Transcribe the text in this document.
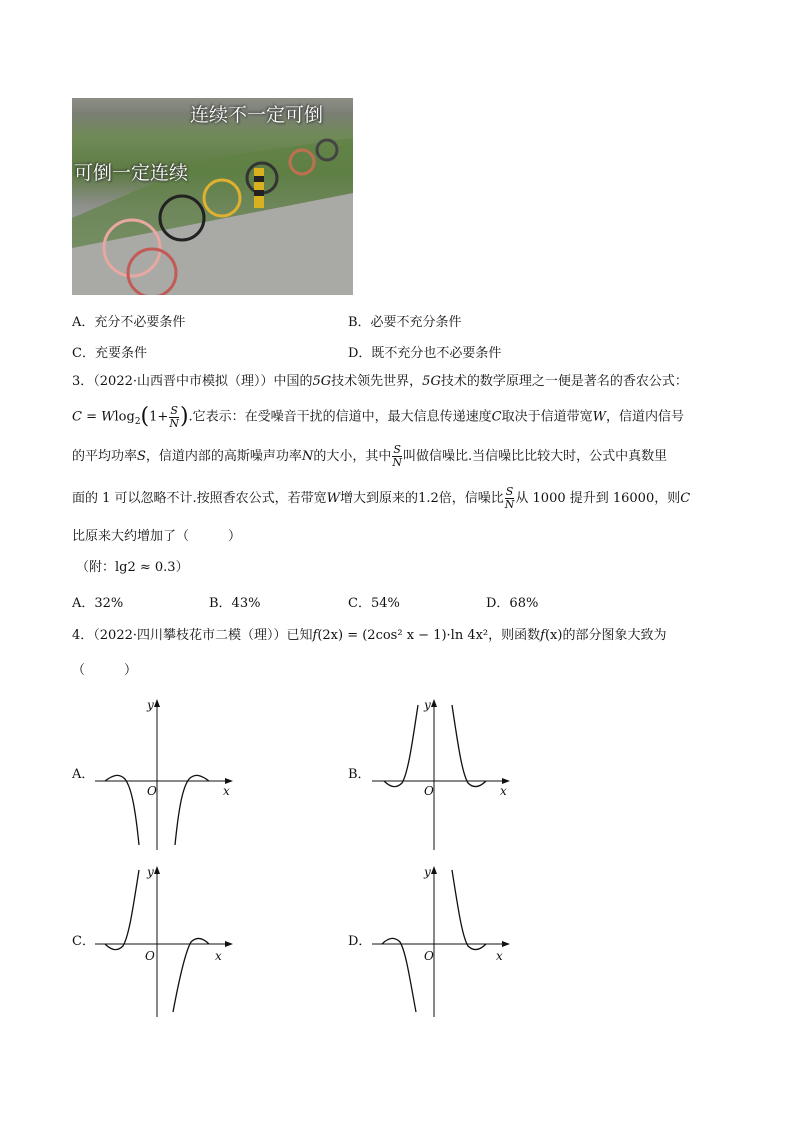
连续不一定可倒
可倒一定连续
A．充分不必要条件	B．必要不充分条件
C．充要条件	D．既不充分也不必要条件
3．（2022·山西晋中市模拟（理））中国的5G技术领先世界，5G技术的数学原理之一便是著名的香农公式：
$C = Wlog_2(1+ \frac{S}{N}$ ).它表示：在受噪音干扰的信道中，最大信息传递速度C取决于信道带宽W，信道内信号
的平均功率S，信道内部的高斯噪声功率N的大小，其中 $\frac{S}{N}$ 叫做信噪比.当信噪比比较大时，公式中真数里
面的 1 可以忽略不计.按照香农公式，若带宽W增大到原来的1.2倍，信噪比 $\frac{S}{N}$ 从 1000 提升到 16000，则C
比原来大约增加了（　　　）
（附：lg2 ≈ 0.3）
A．32%	B．43%	C．54%	D．68%
4．（2022·四川攀枝花市二模（理））已知f(2x) = (2cos² x − 1)·ln 4x²，则函数f(x)的部分图象大致为
（　　　）
A．	B．
C．	D．
y
x
O
y
x
O
y
x
O
y
x
O
